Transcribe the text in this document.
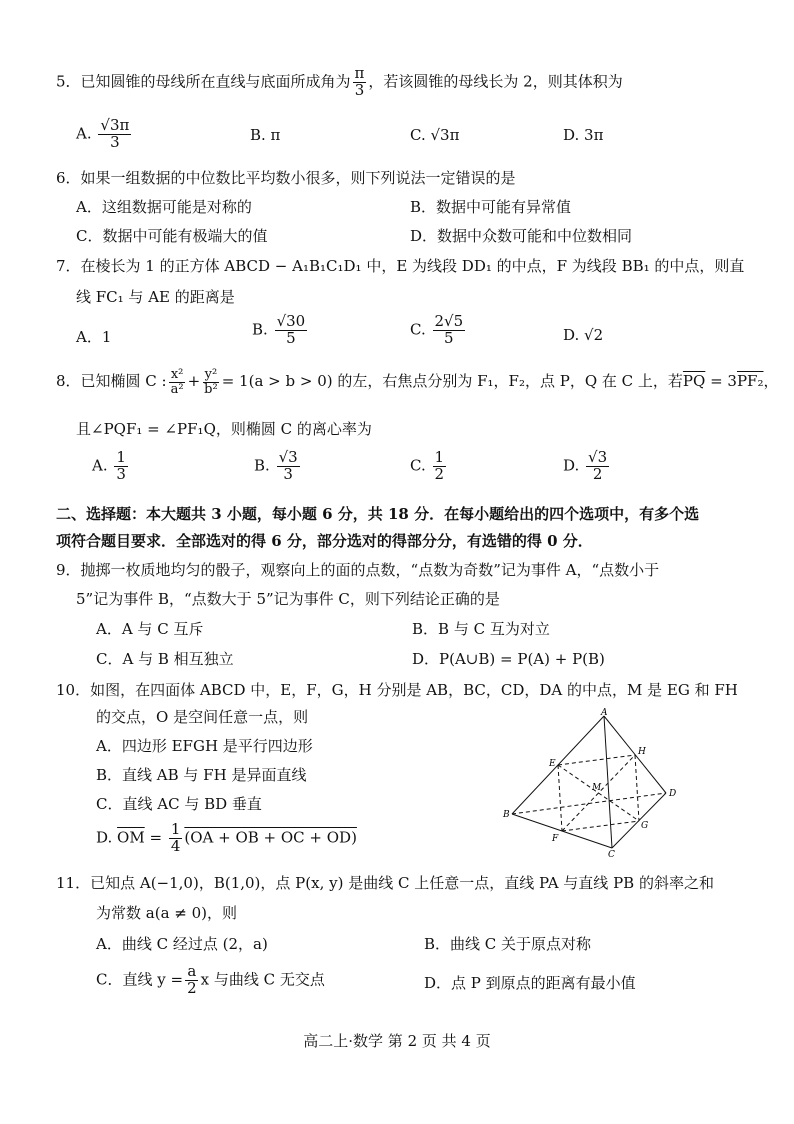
5．已知圆锥的母线所在直线与底面所成角为 $\frac{\pi}{3}$ ，若该圆锥的母线长为 2，则其体积为
A. $\frac{√3\pi}{3}$	B. π	C. √3π	D. 3π
6．如果一组数据的中位数比平均数小很多，则下列说法一定错误的是
A．这组数据可能是对称的	B．数据中可能有异常值
C．数据中可能有极端大的值	D．数据中众数可能和中位数相同
7．在棱长为 1 的正方体 ABCD − A₁B₁C₁D₁ 中，E 为线段 DD₁ 的中点，F 为线段 BB₁ 的中点，则直
线 FC₁ 与 AE 的距离是
A．1	B. $\frac{√30}{5}$	C. $\frac{2√5}{5}$	D. √2
8．已知椭圆 C : $\frac{\text{x²}}{\text{a²}} + \frac{\text{y²}}{\text{b²}} = 1(a > b > 0)$ 的左，右焦点分别为 F₁，F₂，点 P，Q 在 C 上，若$\overline{PQ} = 3PF_2$，
且∠PQF₁ = ∠PF₁Q，则椭圆 C 的离心率为
A. $\frac{1}{3}$	B. $\frac{√3}{3}$	C. $\frac{1}{2}$	D. $\frac{√3}{2}$
二、选择题：本大题共 3 小题，每小题 6 分，共 18 分．在每小题给出的四个选项中，有多个选
项符合题目要求．全部选对的得 6 分，部分选对的得部分分，有选错的得 0 分．
9．抛掷一枚质地均匀的骰子，观察向上的面的点数，“点数为奇数”记为事件 A，“点数小于
5”记为事件 B，“点数大于 5”记为事件 C，则下列结论正确的是
A．A 与 C 互斥	B．B 与 C 互为对立
C．A 与 B 相互独立	D．P(A∪B) = P(A) + P(B)
10．如图，在四面体 ABCD 中，E，F，G，H 分别是 AB，BC，CD，DA 的中点，M 是 EG 和 FH
的交点，O 是空间任意一点，则
A．四边形 EFGH 是平行四边形
B．直线 AB 与 FH 是异面直线
C．直线 AC 与 BD 垂直
D. $\overline{OM} = \frac{1}{4} (OA$ + OB + OC + OD)
A
B
C
D
E
F
G
H
M
11．已知点 A(−1,0)，B(1,0)，点 P(x, y) 是曲线 C 上任意一点，直线 PA 与直线 PB 的斜率之和
为常数 a(a ≠ 0)，则
A．曲线 C 经过点 (2，a)	B．曲线 C 关于原点对称
C．直线 $y = \frac{a}{2}$ x 与曲线 C 无交点	D．点 P 到原点的距离有最小值
高二上·数学 第 2 页 共 4 页
